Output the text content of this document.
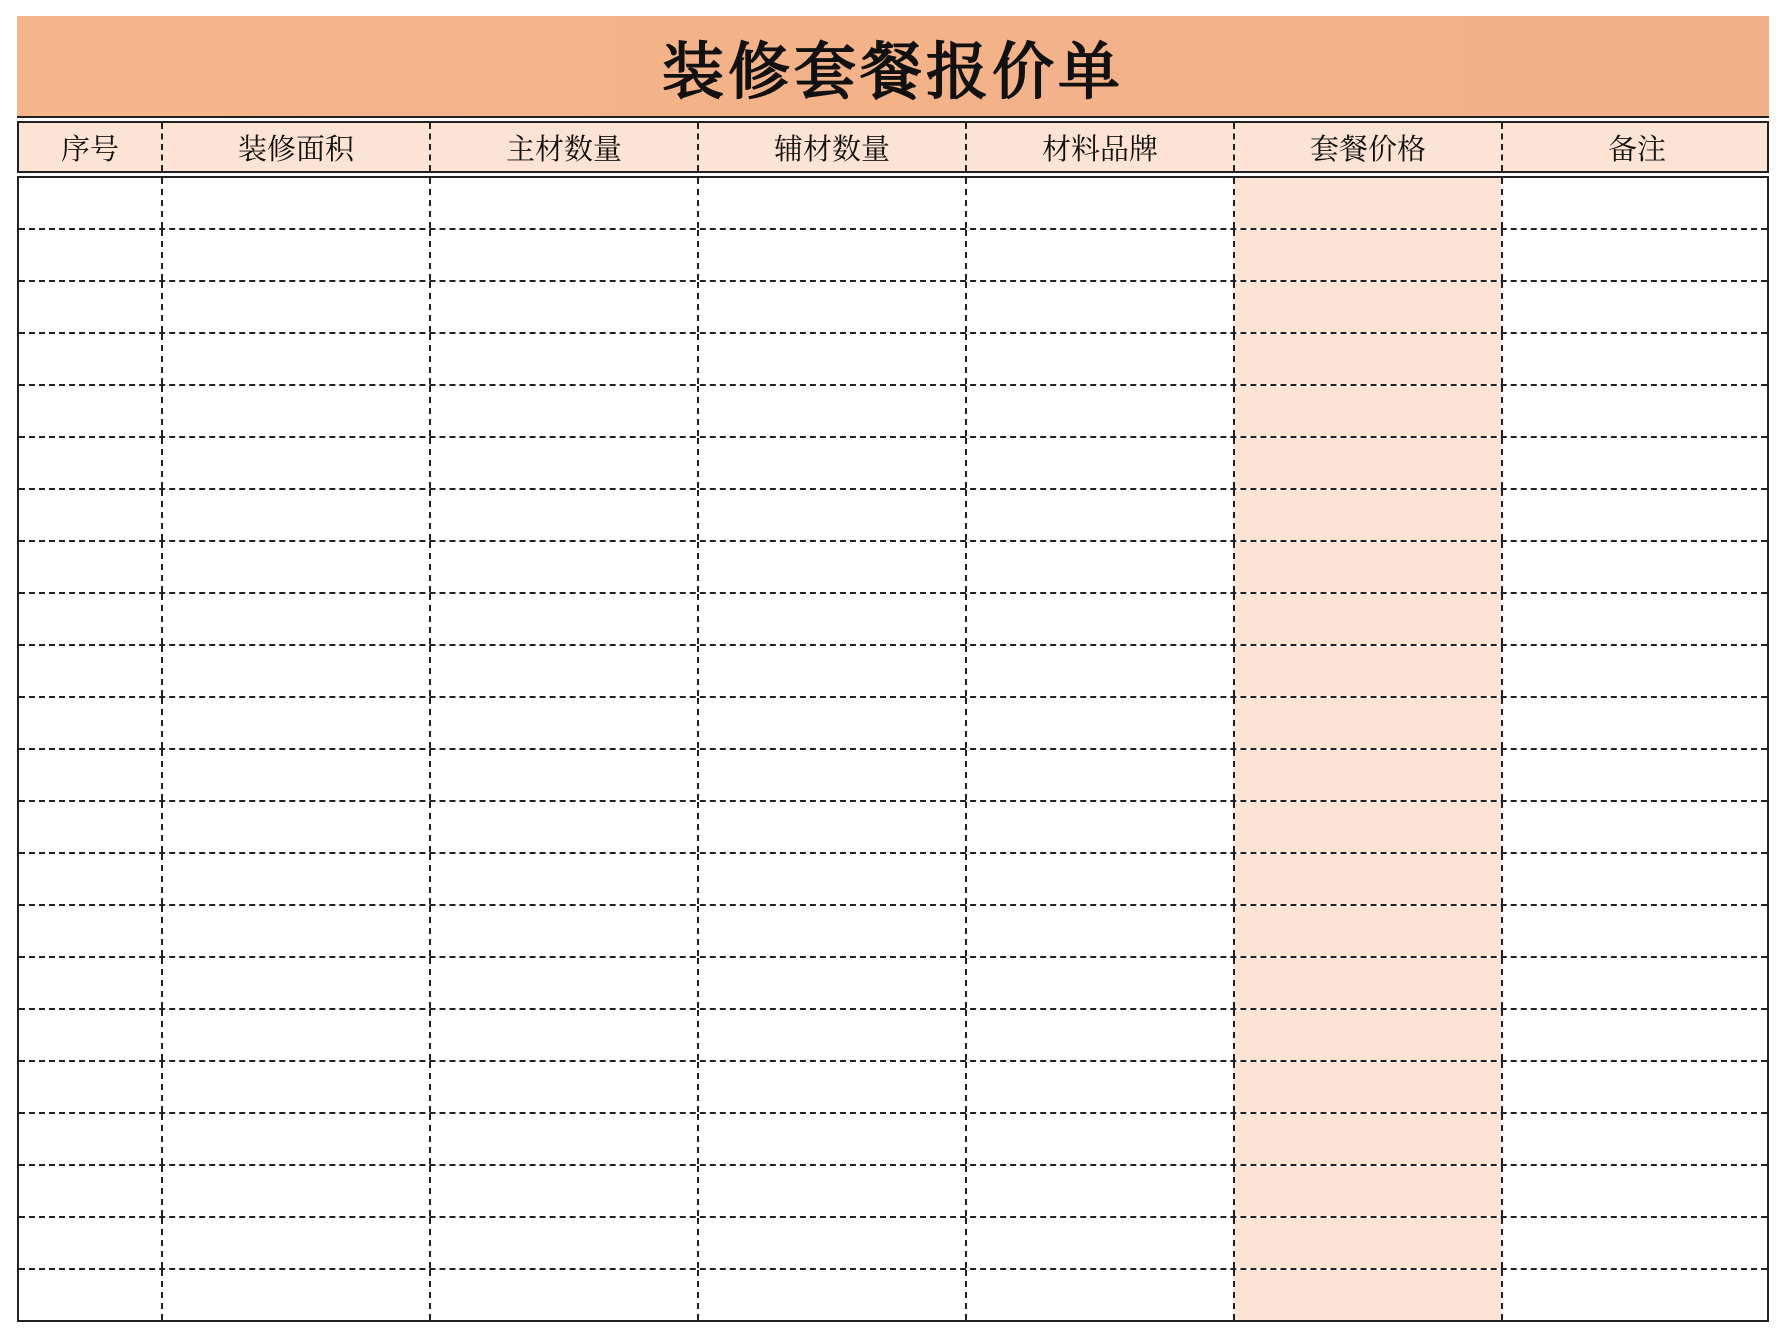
装修套餐报价单
序号	装修面积	主材数量	辅材数量	材料品牌	套餐价格	备注
